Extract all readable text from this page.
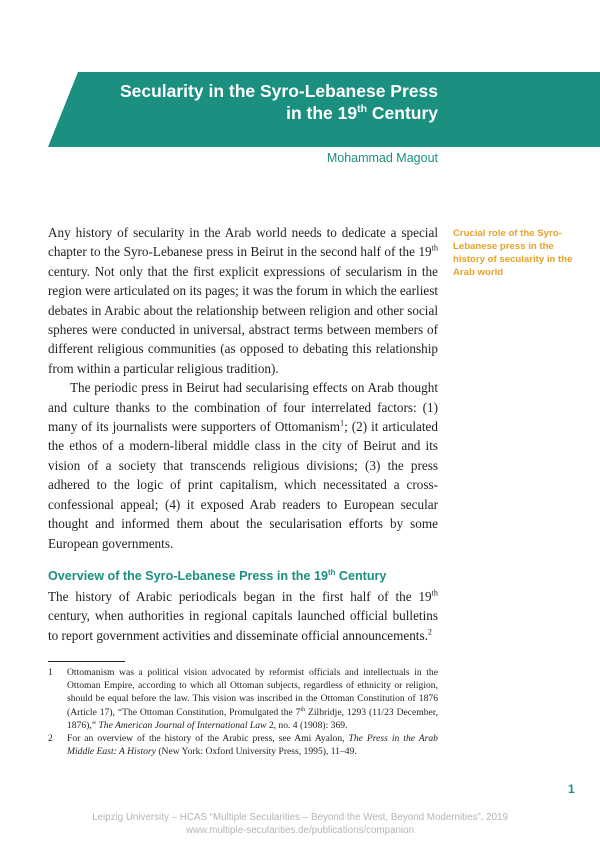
Secularity in the Syro-Lebanese Press
in the 19th Century
Mohammad Magout
Crucial role of the Syro-Lebanese press in the history of secularity in the Arab world

Any history of secularity in the Arab world needs to dedicate a special chapter to the Syro-Lebanese press in Beirut in the second half of the 19th century. Not only that the first explicit expressions of secularism in the region were articulated on its pages; it was the forum in which the earliest debates in Arabic about the relationship between religion and other social spheres were conducted in universal, abstract terms between members of different religious communities (as opposed to debating this relationship from within a particular religious tradition).

The periodic press in Beirut had secularising effects on Arab thought and culture thanks to the combination of four interrelated factors: (1) many of its journalists were supporters of Ottomanism$^1$; (2) it articulated the ethos of a modern-liberal middle class in the city of Beirut and its vision of a society that transcends religious divisions; (3) the press adhered to the logic of print capitalism, which necessitated a cross-confessional appeal; (4) it exposed Arab readers to European secular thought and informed them about the secularisation efforts by some European governments.

Overview of the Syro-Lebanese Press in the 19th Century

The history of Arabic periodicals began in the first half of the 19th century, when authorities in regional capitals launched official bulletins to report government activities and disseminate official announcements.$^2$

1	Ottomanism was a political vision advocated by reformist officials and intellectuals in the Ottoman Empire, according to which all Ottoman subjects, regardless of ethnicity or religion, should be equal before the law. This vision was inscribed in the Ottoman Constitution of 1876 (Article 17), “The Ottoman Constitution, Promulgated the 7th Zilbridje, 1293 (11/23 December, 1876),” The American Journal of International Law 2, no. 4 (1908): 369.
2	For an overview of the history of the Arabic press, see Ami Ayalon, The Press in the Arab Middle East: A History (New York: Oxford University Press, 1995), 11–49.
1
Leipzig University – HCAS “Multiple Secularities – Beyond the West, Beyond Modernities”, 2019
www.multiple-secularities.de/publications/companion
